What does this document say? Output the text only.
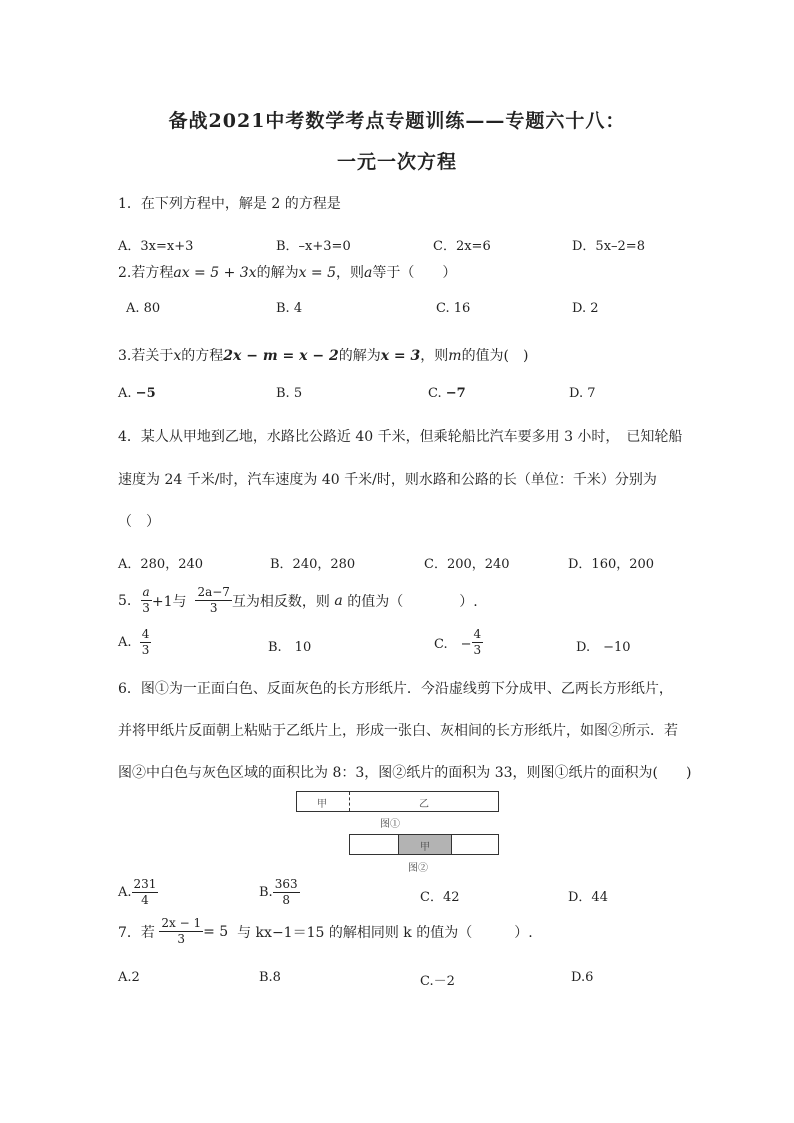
备战2021中考数学考点专题训练——专题六十八：
一元一次方程
1．在下列方程中，解是 2 的方程是
A．3x=x+3	B．–x+3=0	C．2x=6	D．5x–2=8
2.若方程ax = 5 + 3x的解为x = 5，则a等于（　　）
A. 80	B. 4	C. 16	D. 2
3.若关于x的方程2x − m = x − 2的解为x = 3，则m的值为(　)
A. −5	B. 5	C. −7	D. 7
4．某人从甲地到乙地，水路比公路近 40 千米，但乘轮船比汽车要多用 3 小时，　已知轮船
速度为 24 千米/时，汽车速度为 40 千米/时，则水路和公路的长（单位：千米）分别为
（　）
A．280，240	B．240，280	C．200，240	D．160，200
5.
$\frac{a}{3} +1$与
$\frac{2a-7}{3}$ 互为相反数，则
a
的值为（　　　　）.
A.
$\frac{4}{3}$	B.　10	C.　− $\frac{4}{3}$	D.　−10
6．图①为一正面白色、反面灰色的长方形纸片．今沿虚线剪下分成甲、乙两长方形纸片，
并将甲纸片反面朝上粘贴于乙纸片上，形成一张白、灰相间的长方形纸片，如图②所示．若
图②中白色与灰色区域的面积比为 8：3，图②纸片的面积为 33，则图①纸片的面积为(　　)
甲	乙
图①
甲
图②
A. $\frac{231}{4}$	B. $\frac{363}{8}$	C．42	D．44
7．若
$\frac{2x - 1}{3} = 5$
与 kx−1＝15 的解相同则 k 的值为（　　　）.
A.2	B.8	C.－2	D.6
